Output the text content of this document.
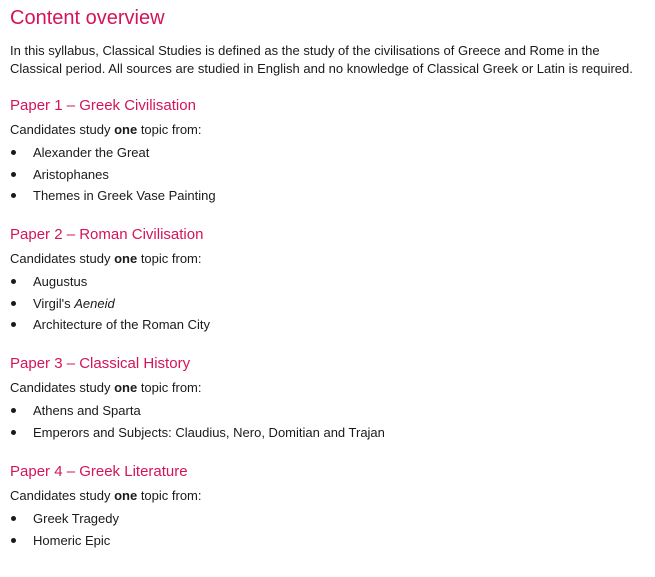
Content overview

In this syllabus, Classical Studies is defined as the study of the civilisations of Greece and Rome in the Classical period. All sources are studied in English and no knowledge of Classical Greek or Latin is required.

Paper 1 – Greek Civilisation

Candidates study one topic from:

Alexander the Great
Aristophanes
Themes in Greek Vase Painting
Paper 2 – Roman Civilisation

Candidates study one topic from:

Augustus
Virgil's Aeneid
Architecture of the Roman City
Paper 3 – Classical History

Candidates study one topic from:

Athens and Sparta
Emperors and Subjects: Claudius, Nero, Domitian and Trajan
Paper 4 – Greek Literature

Candidates study one topic from:

Greek Tragedy
Homeric Epic
